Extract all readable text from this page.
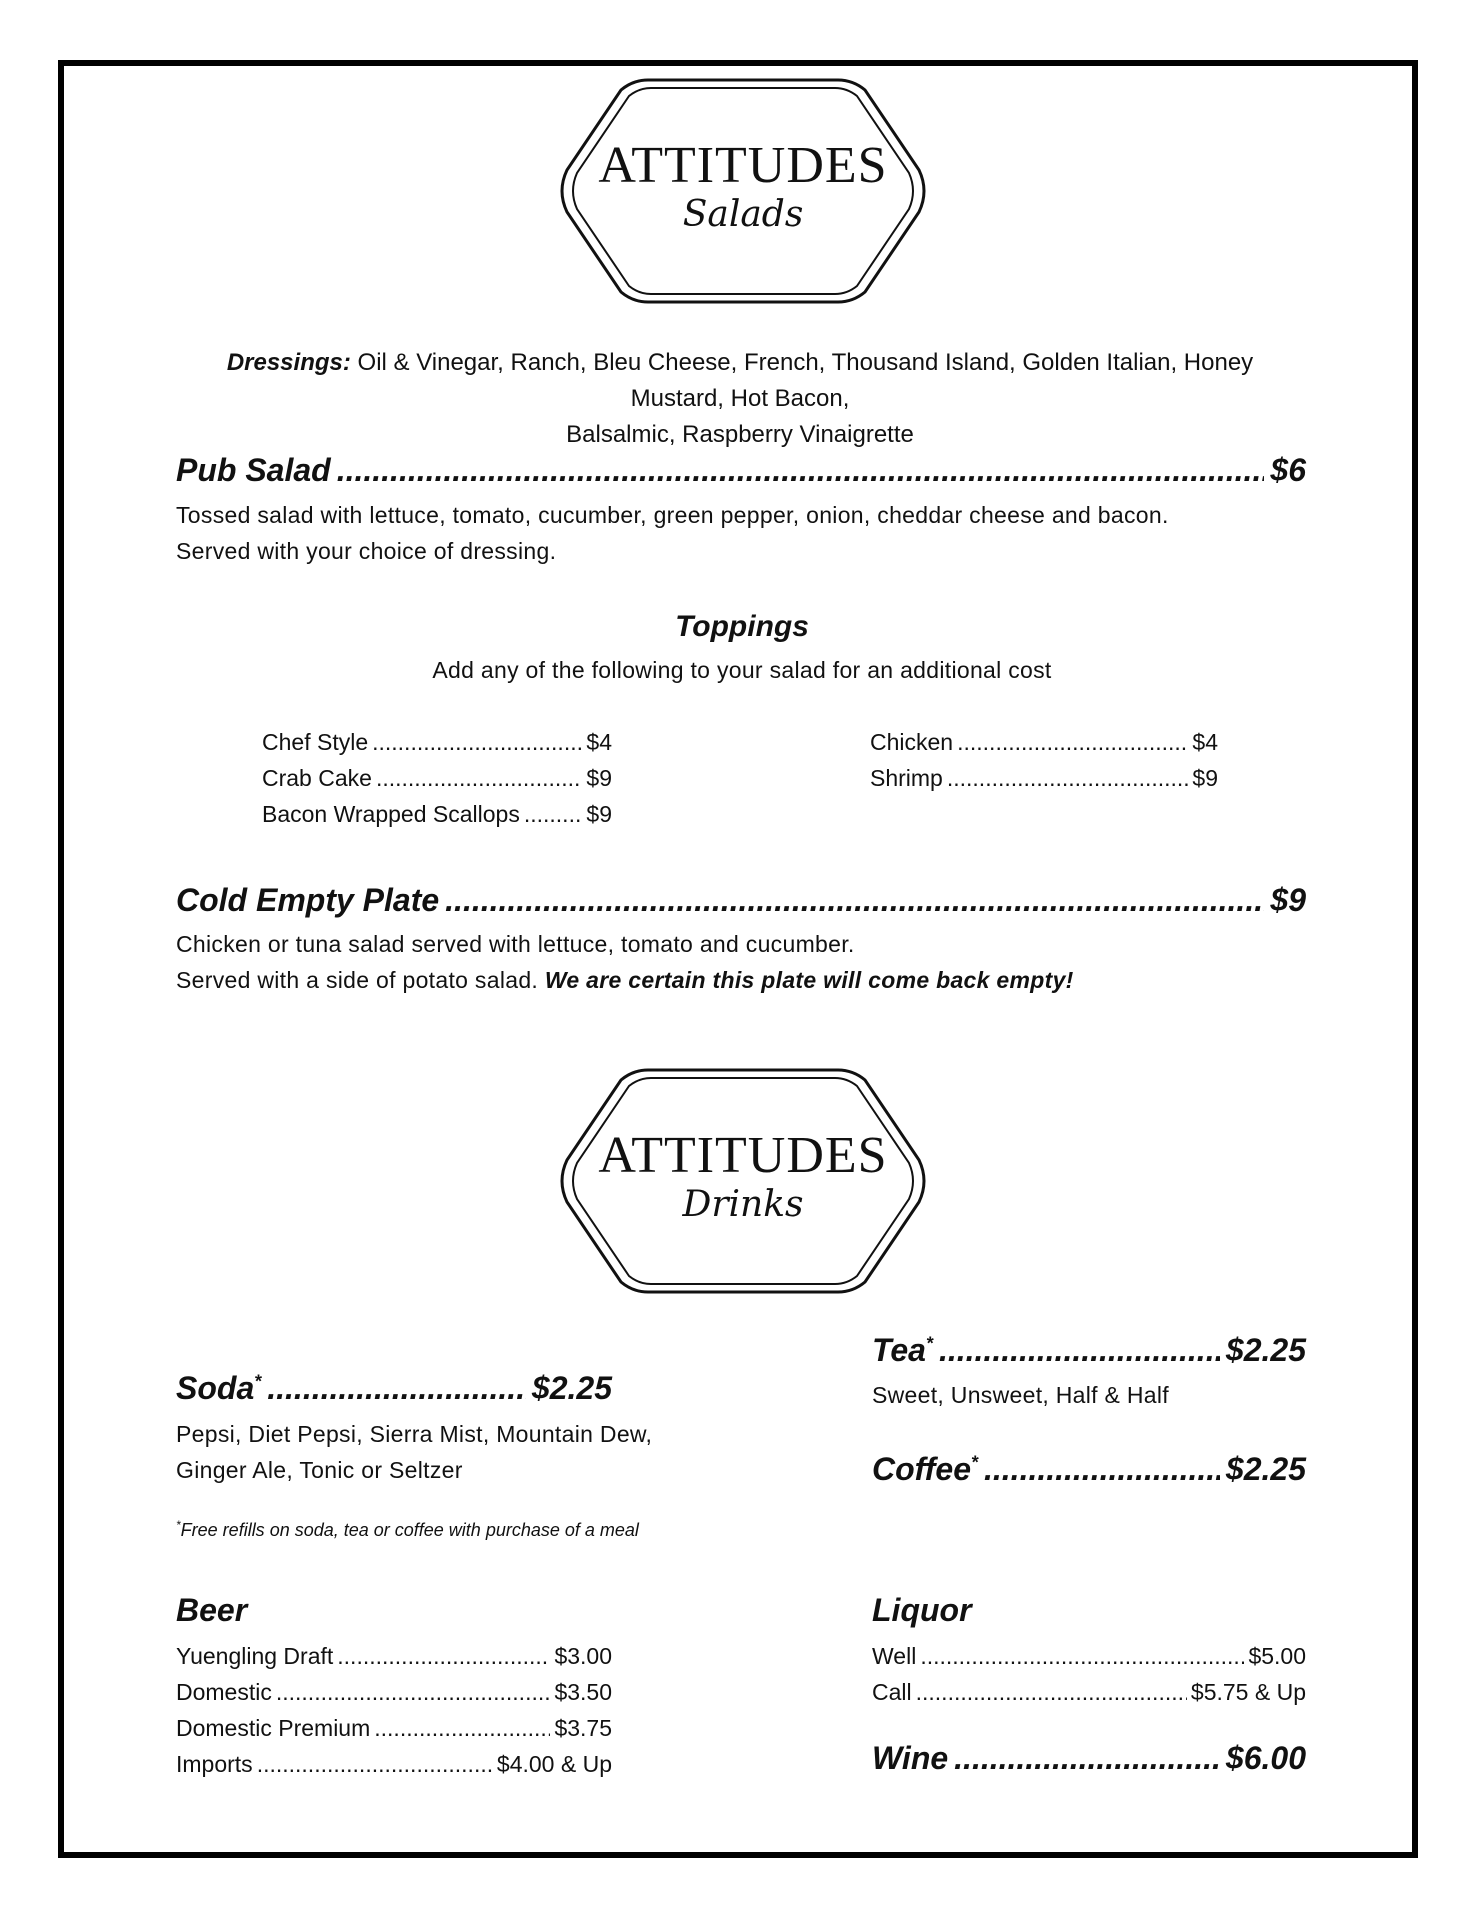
ATTITUDES
Salads
Dressings: Oil & Vinegar, Ranch, Bleu Cheese, French, Thousand Island, Golden Italian, Honey Mustard, Hot Bacon,
Balsalmic, Raspberry Vinaigrette
Pub Salad .....	$6
Tossed salad with lettuce, tomato, cucumber, green pepper, onion, cheddar cheese and bacon.
Served with your choice of dressing.
Toppings
Add any of the following to your salad for an additional cost
Chef Style .....	$4
Crab Cake .....	$9
Bacon Wrapped Scallops .....	$9
Chicken .....	$4
Shrimp .....	$9
Cold Empty Plate .....	$9
Chicken or tuna salad served with lettuce, tomato and cucumber.
Served with a side of potato salad. We are certain this plate will come back empty!
ATTITUDES
Drinks
Soda* .....	$2.25
Pepsi, Diet Pepsi, Sierra Mist, Mountain Dew,
Ginger Ale, Tonic or Seltzer
*Free refills on soda, tea or coffee with purchase of a meal
Tea* .....	$2.25
Sweet, Unsweet, Half & Half
Coffee* .....	$2.25
Beer
Yuengling Draft .....	$3.00
Domestic .....	$3.50
Domestic Premium .....	$3.75
Imports .....	$4.00 & Up
Liquor
Well .....	$5.00
Call .....	$5.75 & Up
Wine .....	$6.00
